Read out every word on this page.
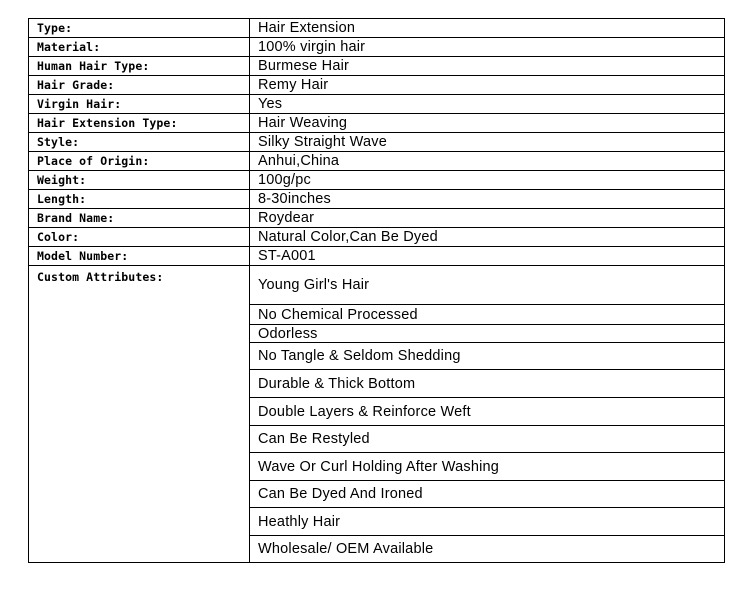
Type:	Hair Extension
Material:	100% virgin hair
Human Hair Type:	Burmese Hair
Hair Grade:	Remy Hair
Virgin Hair:	Yes
Hair Extension Type:	Hair Weaving
Style:	Silky Straight Wave
Place of Origin:	Anhui,China
Weight:	100g/pc
Length:	8-30inches
Brand Name:	Roydear
Color:	Natural Color,Can Be Dyed
Model Number:	ST-A001
Custom Attributes:	Young Girl's Hair
	No Chemical Processed
	Odorless
	No Tangle & Seldom Shedding
	Durable & Thick Bottom
	Double Layers & Reinforce Weft
	Can Be Restyled
	Wave Or Curl Holding After Washing
	Can Be Dyed And Ironed
	Heathly Hair
	Wholesale/ OEM Available
